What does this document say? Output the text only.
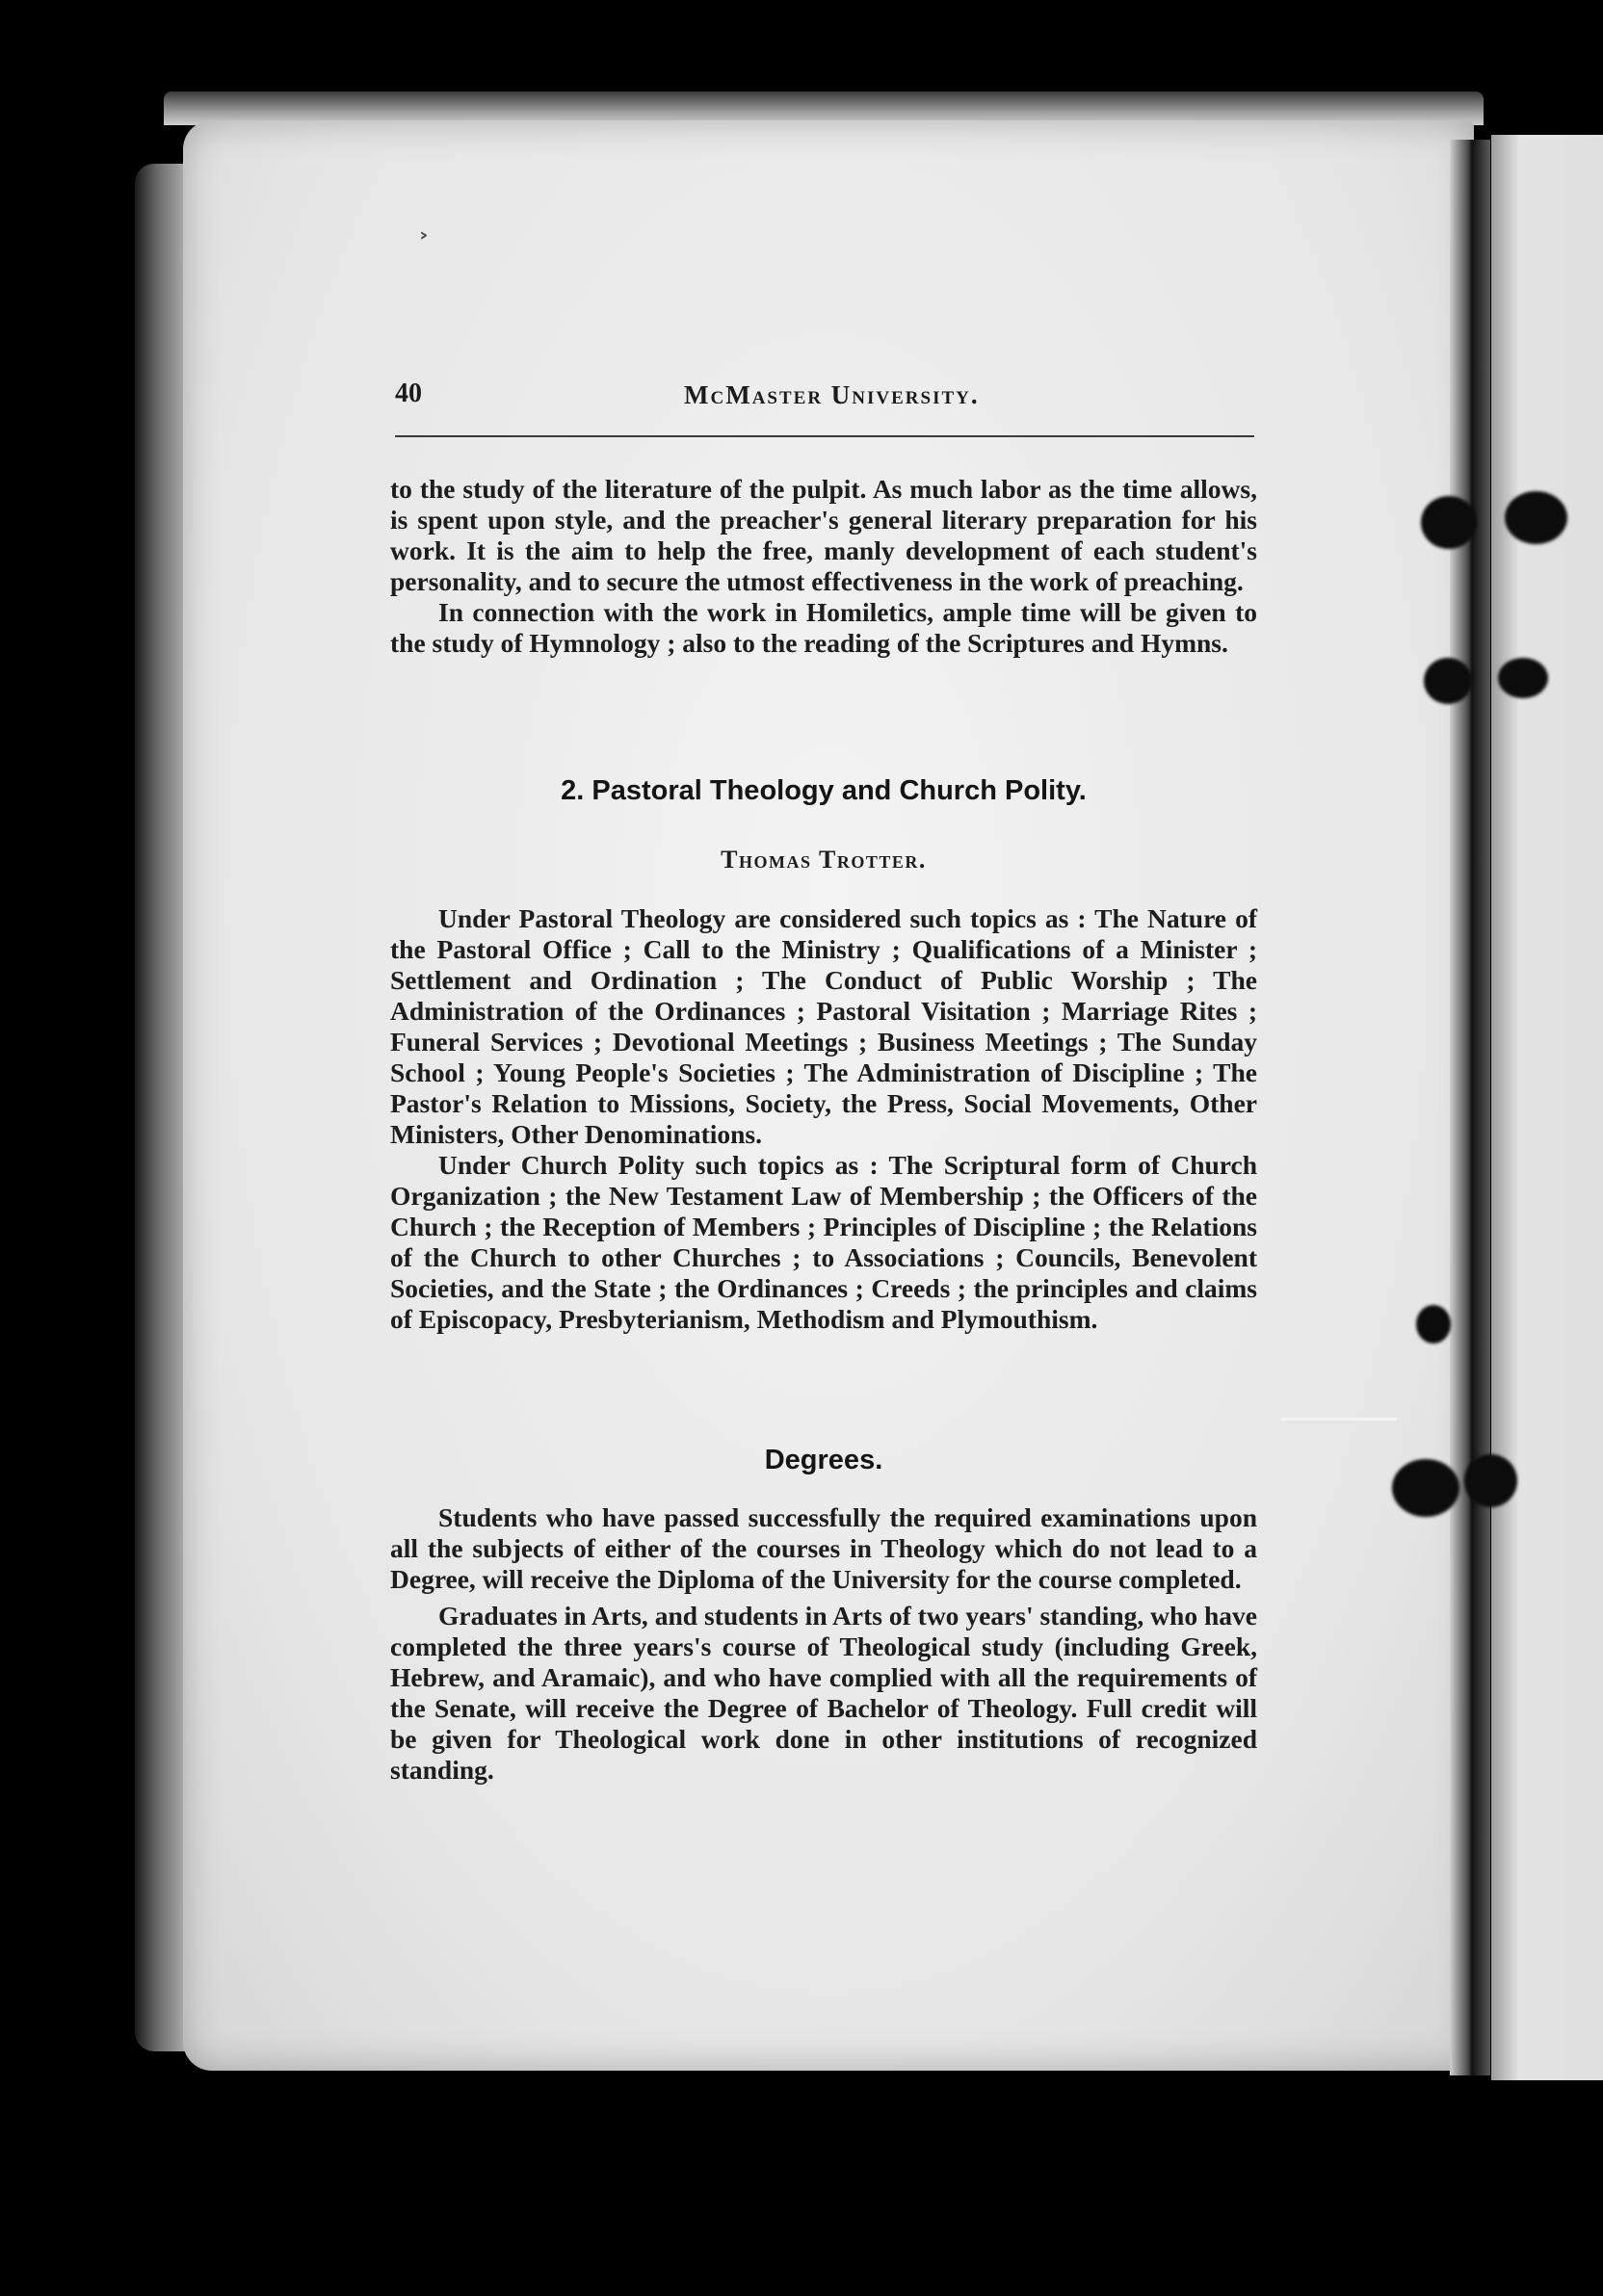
40	McMaster University.

to the study of the literature of the pulpit. As much labor as the time allows, is spent upon style, and the preacher's general literary preparation for his work. It is the aim to help the free, manly development of each student's personality, and to secure the utmost effectiveness in the work of preaching.

In connection with the work in Homiletics, ample time will be given to the study of Hymnology ; also to the reading of the Scriptures and Hymns.

2. Pastoral Theology and Church Polity.
Thomas Trotter.

Under Pastoral Theology are considered such topics as : The Nature of the Pastoral Office ; Call to the Ministry ; Qualifications of a Minister ; Settlement and Ordination ; The Conduct of Public Worship ; The Administration of the Ordinances ; Pastoral Visitation ; Marriage Rites ; Funeral Services ; Devotional Meetings ; Business Meetings ; The Sunday School ; Young People's Societies ; The Administration of Discipline ; The Pastor's Relation to Missions, Society, the Press, Social Movements, Other Ministers, Other Denominations.

Under Church Polity such topics as : The Scriptural form of Church Organization ; the New Testament Law of Membership ; the Officers of the Church ; the Reception of Members ; Principles of Discipline ; the Relations of the Church to other Churches ; to Associations ; Councils, Benevolent Societies, and the State ; the Ordinances ; Creeds ; the principles and claims of Episcopacy, Presbyterianism, Methodism and Plymouthism.

Degrees.

Students who have passed successfully the required examinations upon all the subjects of either of the courses in Theology which do not lead to a Degree, will receive the Diploma of the University for the course completed.

Graduates in Arts, and students in Arts of two years' standing, who have completed the three years's course of Theological study (including Greek, Hebrew, and Aramaic), and who have complied with all the requirements of the Senate, will receive the Degree of Bachelor of Theology. Full credit will be given for Theological work done in other institutions of recognized standing.
